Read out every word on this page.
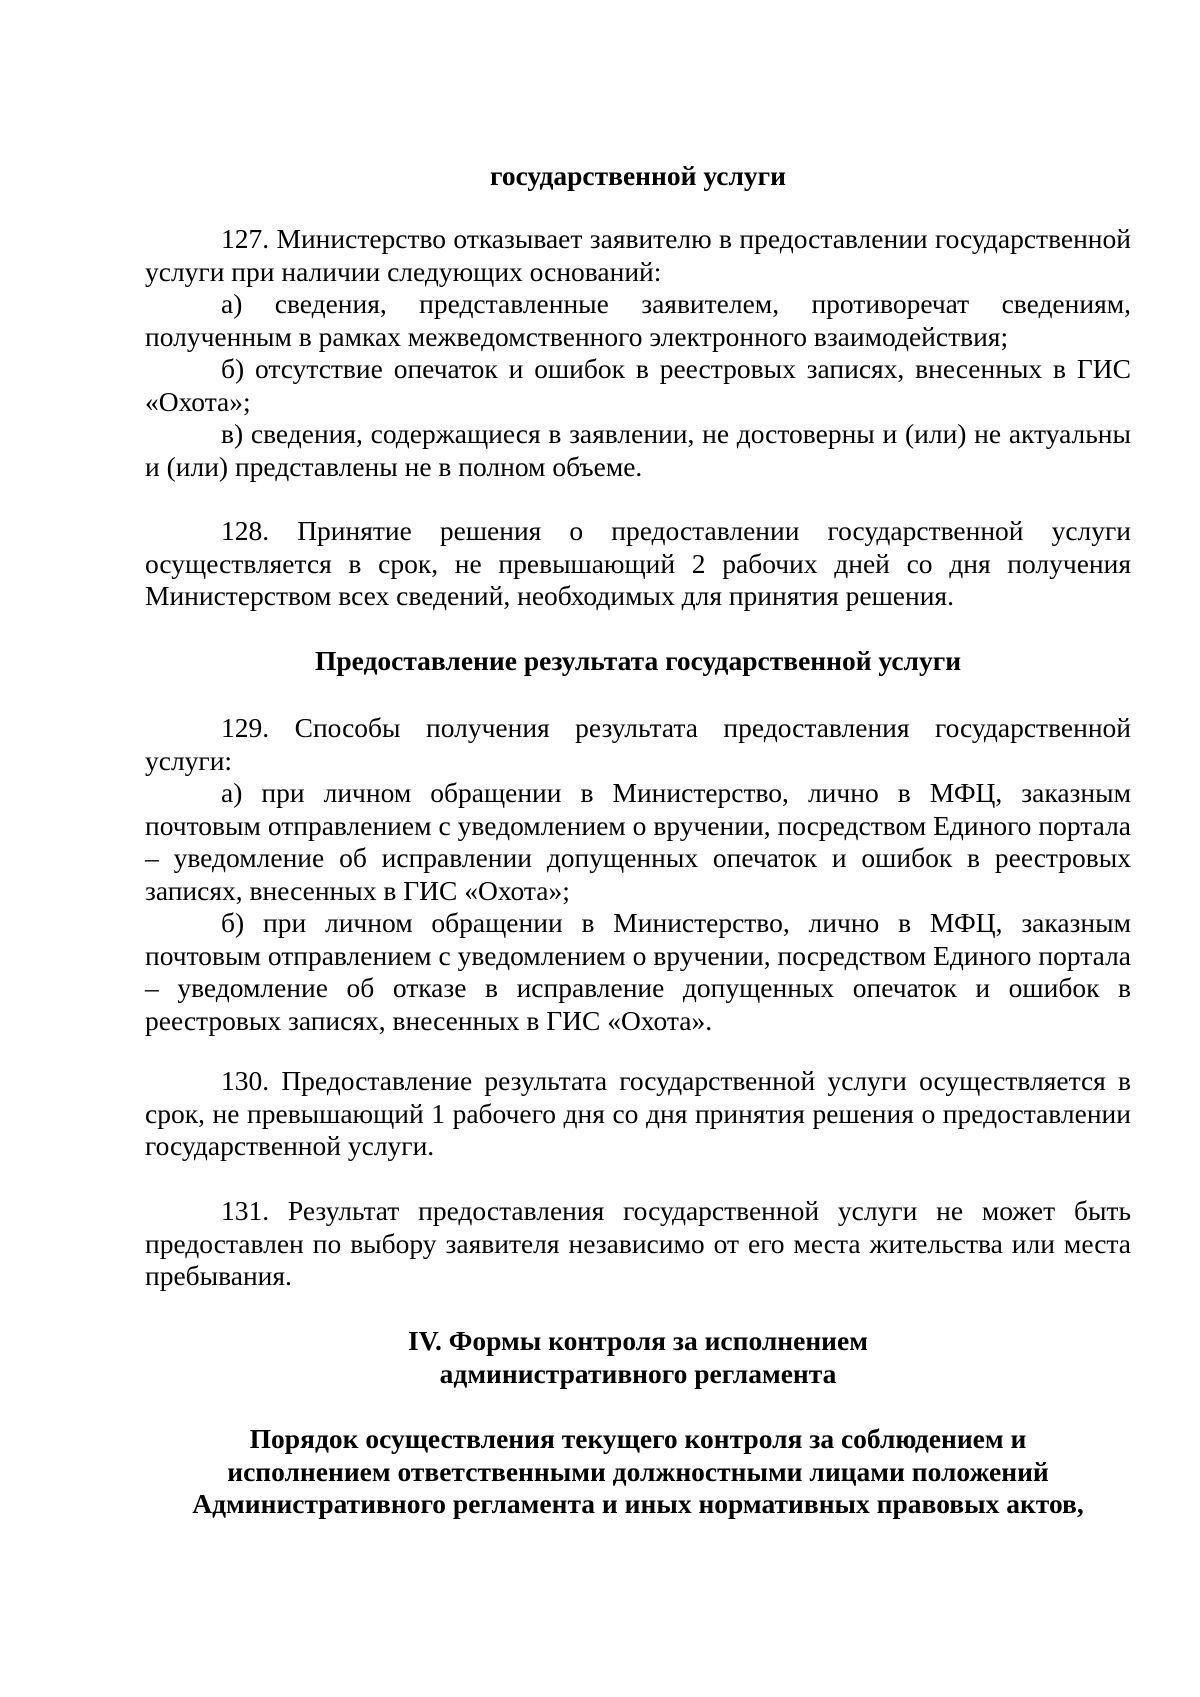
государственной услуги

127. Министерство отказывает заявителю в предоставлении государственной услуги при наличии следующих оснований:

а) сведения, представленные заявителем, противоречат сведениям, полученным в рамках межведомственного электронного взаимодействия;

б) отсутствие опечаток и ошибок в реестровых записях, внесенных в ГИС «Охота»;

в) сведения, содержащиеся в заявлении, не достоверны и (или) не актуальны и (или) представлены не в полном объеме.

128. Принятие решения о предоставлении государственной услуги осуществляется в срок, не превышающий 2 рабочих дней со дня получения Министерством всех сведений, необходимых для принятия решения.

Предоставление результата государственной услуги

129. Способы получения результата предоставления государственной услуги:

а) при личном обращении в Министерство, лично в МФЦ, заказным почтовым отправлением с уведомлением о вручении, посредством Единого портала – уведомление об исправлении допущенных опечаток и ошибок в реестровых записях, внесенных в ГИС «Охота»;

б) при личном обращении в Министерство, лично в МФЦ, заказным почтовым отправлением с уведомлением о вручении, посредством Единого портала – уведомление об отказе в исправление допущенных опечаток и ошибок в реестровых записях, внесенных в ГИС «Охота».

130. Предоставление результата государственной услуги осуществляется в срок, не превышающий 1 рабочего дня со дня принятия решения о предоставлении государственной услуги.

131. Результат предоставления государственной услуги не может быть предоставлен по выбору заявителя независимо от его места жительства или места пребывания.

IV. Формы контроля за исполнением
административного регламента
Порядок осуществления текущего контроля за соблюдением и
исполнением ответственными должностными лицами положений
Административного регламента и иных нормативных правовых актов,
